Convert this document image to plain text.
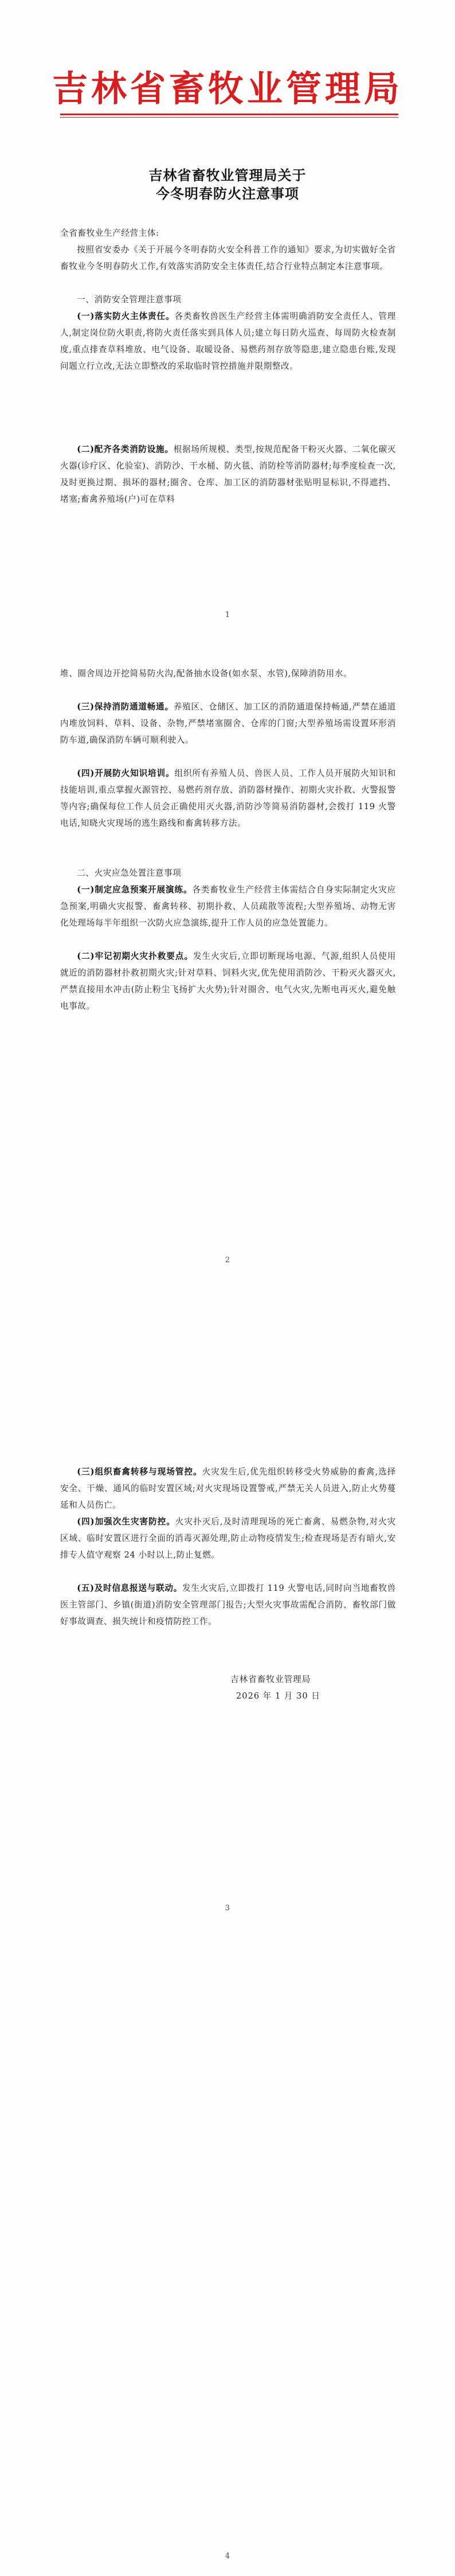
吉林省畜牧业管理局
吉林省畜牧业管理局关于
今冬明春防火注意事项
全省畜牧业生产经营主体:
按照省安委办《关于开展今冬明春防火安全科普工作的通知》要求,为切实做好全省畜牧业今冬明春防火工作,有效落实消防安全主体责任,结合行业特点制定本注意事项。
一、消防安全管理注意事项
(一)落实防火主体责任。各类畜牧兽医生产经营主体需明确消防安全责任人、管理人,制定岗位防火职责,将防火责任落实到具体人员;建立每日防火巡查、每周防火检查制度,重点排查草料堆放、电气设备、取暖设备、易燃药剂存放等隐患,建立隐患台账,发现问题立行立改,无法立即整改的采取临时管控措施并限期整改。
(二)配齐各类消防设施。根据场所规模、类型,按规范配备干粉灭火器、二氧化碳灭火器(诊疗区、化验室)、消防沙、干水桶、防火毯、消防栓等消防器材;每季度检查一次,及时更换过期、损坏的器材;圈舍、仓库、加工区的消防器材张贴明显标识,不得遮挡、堵塞;畜禽养殖场(户)可在草料
1
堆、圈舍周边开挖简易防火沟,配备抽水设备(如水泵、水管),保障消防用水。
(三)保持消防通道畅通。养殖区、仓储区、加工区的消防通道保持畅通,严禁在通道内堆放饲料、草料、设备、杂物,严禁堵塞圈舍、仓库的门窗;大型养殖场需设置环形消防车道,确保消防车辆可顺利驶入。
(四)开展防火知识培训。组织所有养殖人员、兽医人员、工作人员开展防火知识和技能培训,重点掌握火源管控、易燃药剂存放、消防器材操作、初期火灾扑救、火警报警等内容;确保每位工作人员会正确使用灭火器,消防沙等简易消防器材,会拨打 119 火警电话,知晓火灾现场的逃生路线和畜禽转移方法。
二、火灾应急处置注意事项
(一)制定应急预案开展演练。各类畜牧业生产经营主体需结合自身实际制定火灾应急预案,明确火灾报警、畜禽转移、初期扑救、人员疏散等流程;大型养殖场、动物无害化处理场每半年组织一次防火应急演练,提升工作人员的应急处置能力。
(二)牢记初期火灾扑救要点。发生火灾后,立即切断现场电源、气源,组织人员使用就近的消防器材扑救初期火灾;针对草料、饲料火灾,优先使用消防沙、干粉灭火器灭火,严禁直接用水冲击(防止粉尘飞扬扩大火势);针对圈舍、电气火灾,先断电再灭火,避免触电事故。
2
(三)组织畜禽转移与现场管控。火灾发生后,优先组织转移受火势威胁的畜禽,选择安全、干燥、通风的临时安置区域;对火灾现场设置警戒,严禁无关人员进入,防止火势蔓延和人员伤亡。
(四)加强次生灾害防控。火灾扑灭后,及时清理现场的死亡畜禽、易燃杂物,对火灾区域、临时安置区进行全面的消毒灭源处理,防止动物疫情发生;检查现场是否有暗火,安排专人值守观察 24 小时以上,防止复燃。
(五)及时信息报送与联动。发生火灾后,立即拨打 119 火警电话,同时向当地畜牧兽医主管部门、乡镇(街道)消防安全管理部门报告;大型火灾事故需配合消防、畜牧部门做好事故调查、损失统计和疫情防控工作。
吉林省畜牧业管理局
2026 年 1 月 30 日
3
4
